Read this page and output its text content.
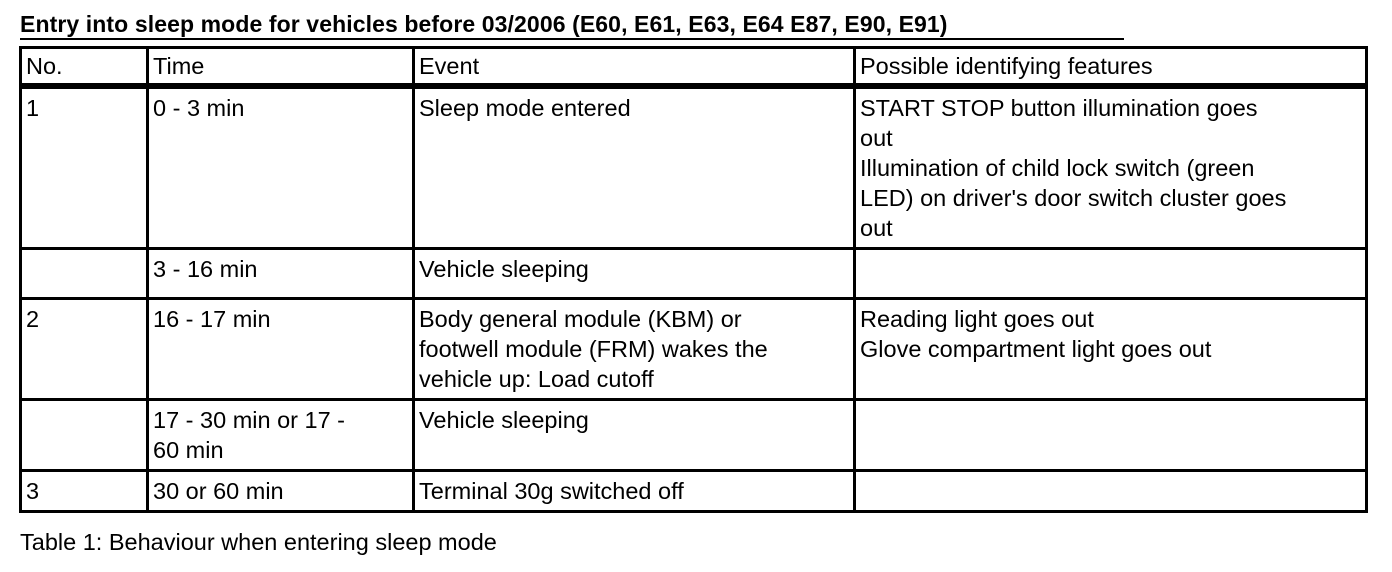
Entry into sleep mode for vehicles before 03/2006 (E60, E61, E63, E64 E87, E90, E91)
No.	Time	Event	Possible identifying features
1	0 - 3 min	Sleep mode entered	START STOP button illumination goes
out
Illumination of child lock switch (green
LED) on driver's door switch cluster goes
out

	3 - 16 min	Vehicle sleeping	

2	16 - 17 min	Body general module (KBM) or
footwell module (FRM) wakes the
vehicle up: Load cutoff	Reading light goes out
Glove compartment light goes out

	17 - 30 min or 17 -
60 min	Vehicle sleeping	

3	30 or 60 min	Terminal 30g switched off	

Table 1: Behaviour when entering sleep mode
